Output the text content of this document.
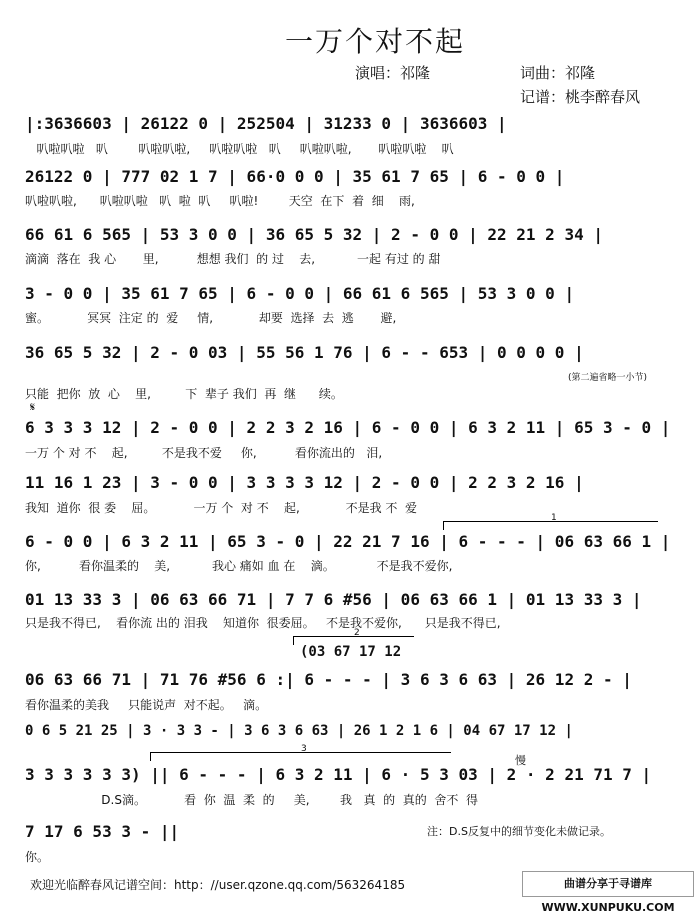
一万个对不起
演唱：祁隆	词曲：祁隆
记谱：桃李醉春风
|:3636603 | 26122 0 | 252504 | 31233 0 | 3636603 |
叭啦叭啦   叭        叭啦叭啦,     叭啦叭啦   叭     叭啦叭啦,       叭啦叭啦    叭
26122 0 | 777 02 1 7 | 66·0 0 0 | 35 61 7 65 | 6 - 0 0 |
叭啦叭啦,      叭啦叭啦   叭  啦  叭     叭啦!        天空  在下  着  细    雨,
66 61 6 565 | 53 3 0 0 | 36 65 5 32 | 2 - 0 0 | 22 21 2 34 |
滴滴  落在  我 心       里,          想想 我们  的 过    去,           一起 有过 的 甜
3 - 0 0 | 35 61 7 65 | 6 - 0 0 | 66 61 6 565 | 53 3 0 0 |
蜜。          冥冥  注定 的  爱     情,            却要  选择  去  逃       避,
36 65 5 32 | 2 - 0 03 | 55 56 1 76 | 6 - - 653 | 0 0 0 0 |
(第二遍省略一小节)
只能  把你  放  心    里,         下  辈子 我们  再  继      续。
𝄋
6 3 3 3 12 | 2 - 0 0 | 2 2 3 2 16 | 6 - 0 0 | 6 3 2 11 | 65 3 - 0 |
一万 个 对 不    起,         不是我不爱     你,          看你流出的   泪,
11 16 1 23 | 3 - 0 0 | 3 3 3 3 12 | 2 - 0 0 | 2 2 3 2 16 |
我知  道你  很 委    屈。          一万 个  对 不    起,            不是我 不  爱
1
6 - 0 0 | 6 3 2 11 | 65 3 - 0 | 22 21 7 16 | 6 - - - | 06 63 66 1 |
你,          看你温柔的    美,           我心 痛如 血 在    滴。           不是我不爱你,
01 13 33 3 | 06 63 66 71 | 7 7 6 #56 | 06 63 66 1 | 01 13 33 3 |
只是我不得已,    看你流 出的 泪我    知道你  很委屈。   不是我不爱你,      只是我不得已,
2
(03 67 17 12
06 63 66 71 | 71 76 #56 6 :| 6 - - - | 3 6 3 6 63 | 26 12 2 - |
看你温柔的美我     只能说声  对不起。   滴。
0 6 5 21 25 | 3 · 3 3 - | 3 6 3 6 63 | 26 1 2 1 6 | 04 67 17 12 |
3
慢
3 3 3 3 3 3) || 6 - - - | 6 3 2 11 | 6 · 5 3 03 | 2 · 2 21 71 7 |
D.S滴。          看  你  温  柔  的     美,        我   真  的  真的  舍不  得
7 17 6 53 3 - ||
你。
注：D.S反复中的细节变化未做记录。
欢迎光临醉春风记谱空间：http：//user.qzone.qq.com/563264185	曲谱分享于寻谱库 WWW.XUNPUKU.COM
